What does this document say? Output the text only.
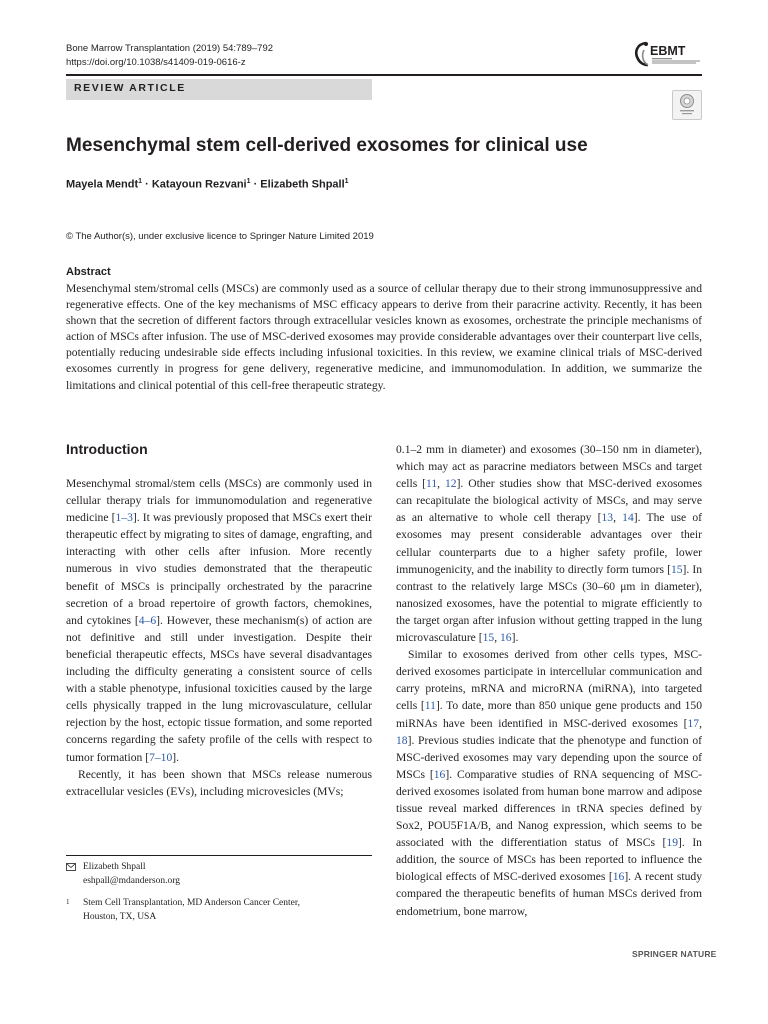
Bone Marrow Transplantation (2019) 54:789–792
https://doi.org/10.1038/s41409-019-0616-z
EBMT
REVIEW ARTICLE
Mesenchymal stem cell-derived exosomes for clinical use
Mayela Mendt$^1$ · Katayoun Rezvani$^1$ · Elizabeth Shpall$^1$
© The Author(s), under exclusive licence to Springer Nature Limited 2019
Abstract

Mesenchymal stem/stromal cells (MSCs) are commonly used as a source of cellular therapy due to their strong immunosuppressive and regenerative effects. One of the key mechanisms of MSC efficacy appears to derive from their paracrine activity. Recently, it has been shown that the secretion of different factors through extracellular vesicles known as exosomes, orchestrate the principle mechanisms of action of MSCs after infusion. The use of MSC-derived exosomes may provide considerable advantages over their counterpart live cells, potentially reducing undesirable side effects including infusional toxicities. In this review, we examine clinical trials of MSC-derived exosomes currently in progress for gene delivery, regenerative medicine, and immunomodulation. In addition, we summarize the limitations and clinical potential of this cell-free therapeutic strategy.

Introduction

Mesenchymal stromal/stem cells (MSCs) are commonly used in cellular therapy trials for immunomodulation and regenerative medicine [1–3]. It was previously proposed that MSCs exert their therapeutic effect by migrating to sites of damage, engrafting, and interacting with other cells after infusion. More recently numerous in vivo studies demonstrated that the therapeutic benefit of MSCs is principally orchestrated by the paracrine secretion of a broad repertoire of growth factors, chemokines, and cytokines [4–6]. However, these mechanism(s) of action are not definitive and still under investigation. Despite their beneficial therapeutic effects, MSCs have several disadvantages including the difficulty generating a consistent source of cells with a stable phenotype, infusional toxicities caused by the large cells physically trapped in the lung microvasculature, cellular rejection by the host, ectopic tissue formation, and some reported concerns regarding the safety profile of the cells with respect to tumor formation [7–10].

Recently, it has been shown that MSCs release numerous extracellular vesicles (EVs), including microvesicles (MVs;

0.1–2 mm in diameter) and exosomes (30–150 nm in diameter), which may act as paracrine mediators between MSCs and target cells [11, 12]. Other studies show that MSC-derived exosomes can recapitulate the biological activity of MSCs, and may serve as an alternative to whole cell therapy [13, 14]. The use of exosomes may present considerable advantages over their cellular counterparts due to a higher safety profile, lower immunogenicity, and the inability to directly form tumors [15]. In contrast to the relatively large MSCs (30–60 μm in diameter), nanosized exosomes, have the potential to migrate efficiently to the target organ after infusion without getting trapped in the lung microvasculature [15, 16].

Similar to exosomes derived from other cells types, MSC-derived exosomes participate in intercellular communication and carry proteins, mRNA and microRNA (miRNA), into targeted cells [11]. To date, more than 850 unique gene products and 150 miRNAs have been identified in MSC-derived exosomes [17, 18]. Previous studies indicate that the phenotype and function of MSC-derived exosomes may vary depending upon the source of MSCs [16]. Comparative studies of RNA sequencing of MSC-derived exosomes isolated from human bone marrow and adipose tissue reveal marked differences in tRNA species defined by Sox2, POU5F1A/B, and Nanog expression, which seems to be associated with the differentiation status of MSCs [19]. In addition, the source of MSCs has been reported to influence the biological effects of MSC-derived exosomes [16]. A recent study compared the therapeutic benefits of human MSCs derived from endometrium, bone marrow,

Elizabeth Shpall
eshpall@mdanderson.org
1 Stem Cell Transplantation, MD Anderson Cancer Center,
Houston, TX, USA
SPRINGER NATURE
